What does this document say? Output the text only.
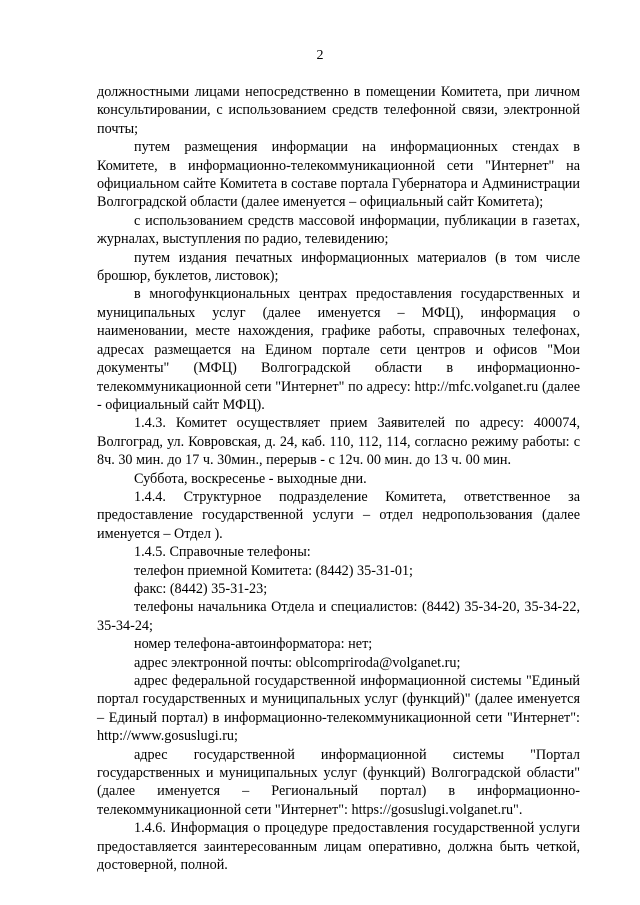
2

должностными лицами непосредственно в помещении Комитета, при личном консультировании, с использованием средств телефонной связи, электронной почты;

путем размещения информации на информационных стендах в Комитете, в информационно-телекоммуникационной сети "Интернет" на официальном сайте Комитета в составе портала Губернатора и Администрации Волгоградской области (далее именуется – официальный сайт Комитета);

с использованием средств массовой информации, публикации в газетах, журналах, выступления по радио, телевидению;

путем издания печатных информационных материалов (в том числе брошюр, буклетов, листовок);

в многофункциональных центрах предоставления государственных и муниципальных услуг (далее именуется – МФЦ), информация о наименовании, месте нахождения, графике работы, справочных телефонах, адресах размещается на Едином портале сети центров и офисов "Мои документы" (МФЦ) Волгоградской области в информационно-телекоммуникационной сети "Интернет" по адресу: http://mfc.volganet.ru (далее - официальный сайт МФЦ).

1.4.3. Комитет осуществляет прием Заявителей по адресу: 400074, Волгоград, ул. Ковровская, д. 24, каб. 110, 112, 114, согласно режиму работы: с 8ч. 30 мин. до 17 ч. 30мин., перерыв - с 12ч. 00 мин. до 13 ч. 00 мин.

Суббота, воскресенье - выходные дни.

1.4.4. Структурное подразделение Комитета, ответственное за предоставление государственной услуги – отдел недропользования (далее именуется – Отдел ).

1.4.5. Справочные телефоны:

телефон приемной Комитета: (8442) 35-31-01;

факс: (8442) 35-31-23;

телефоны начальника Отдела и специалистов: (8442) 35-34-20, 35-34-22, 35-34-24;

номер телефона-автоинформатора: нет;

адрес электронной почты: oblcompriroda@volganet.ru;

адрес федеральной государственной информационной системы "Единый портал государственных и муниципальных услуг (функций)" (далее именуется – Единый портал) в информационно-телекоммуникационной сети "Интернет": http://www.gosuslugi.ru;

адрес государственной информационной системы "Портал государственных и муниципальных услуг (функций) Волгоградской области" (далее именуется – Региональный портал) в информационно-телекоммуникационной сети "Интернет": https://gosuslugi.volganet.ru".

1.4.6. Информация о процедуре предоставления государственной услуги предоставляется заинтересованным лицам оперативно, должна быть четкой, достоверной, полной.
